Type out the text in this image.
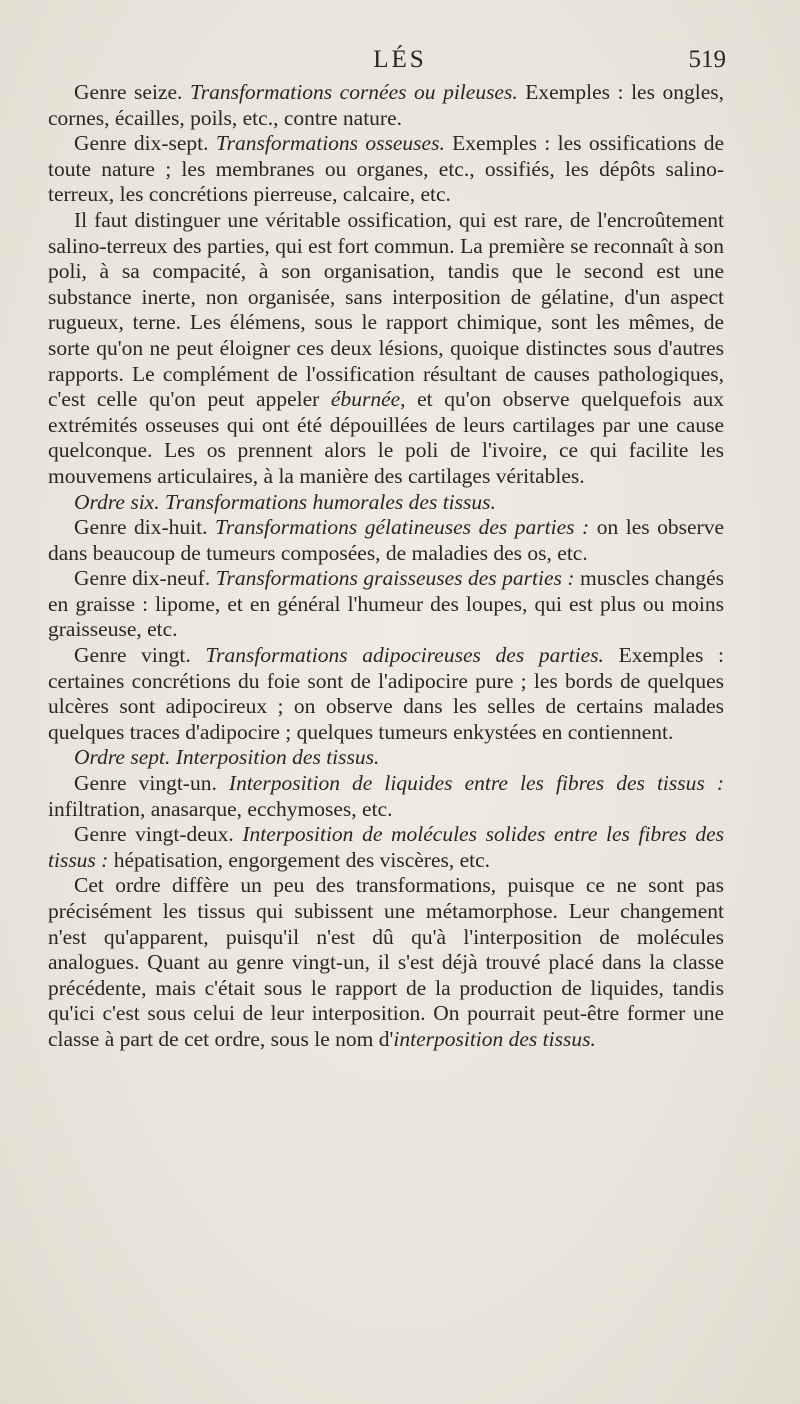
LÉS	519

Genre seize. Transformations cornées ou pileuses. Exemples : les ongles, cornes, écailles, poils, etc., contre nature.

Genre dix-sept. Transformations osseuses. Exemples : les ossifications de toute nature ; les membranes ou organes, etc., ossifiés, les dépôts salino-terreux, les concrétions pierreuse, calcaire, etc.

Il faut distinguer une véritable ossification, qui est rare, de l'encroûtement salino-terreux des parties, qui est fort commun. La première se reconnaît à son poli, à sa compacité, à son organisation, tandis que le second est une substance inerte, non organisée, sans interposition de gélatine, d'un aspect rugueux, terne. Les élémens, sous le rapport chimique, sont les mêmes, de sorte qu'on ne peut éloigner ces deux lésions, quoique distinctes sous d'autres rapports. Le complément de l'ossification résultant de causes pathologiques, c'est celle qu'on peut appeler éburnée, et qu'on observe quelquefois aux extrémités osseuses qui ont été dépouillées de leurs cartilages par une cause quelconque. Les os prennent alors le poli de l'ivoire, ce qui facilite les mouvemens articulaires, à la manière des cartilages véritables.

Ordre six. Transformations humorales des tissus.

Genre dix-huit. Transformations gélatineuses des parties : on les observe dans beaucoup de tumeurs composées, de maladies des os, etc.

Genre dix-neuf. Transformations graisseuses des parties : muscles changés en graisse : lipome, et en général l'humeur des loupes, qui est plus ou moins graisseuse, etc.

Genre vingt. Transformations adipocireuses des parties. Exemples : certaines concrétions du foie sont de l'adipocire pure ; les bords de quelques ulcères sont adipocireux ; on observe dans les selles de certains malades quelques traces d'adipocire ; quelques tumeurs enkystées en contiennent.

Ordre sept. Interposition des tissus.

Genre vingt-un. Interposition de liquides entre les fibres des tissus : infiltration, anasarque, ecchymoses, etc.

Genre vingt-deux. Interposition de molécules solides entre les fibres des tissus : hépatisation, engorgement des viscères, etc.

Cet ordre diffère un peu des transformations, puisque ce ne sont pas précisément les tissus qui subissent une métamorphose. Leur changement n'est qu'apparent, puisqu'il n'est dû qu'à l'interposition de molécules analogues. Quant au genre vingt-un, il s'est déjà trouvé placé dans la classe précédente, mais c'était sous le rapport de la production de liquides, tandis qu'ici c'est sous celui de leur interposition. On pourrait peut-être former une classe à part de cet ordre, sous le nom d'interposition des tissus.
